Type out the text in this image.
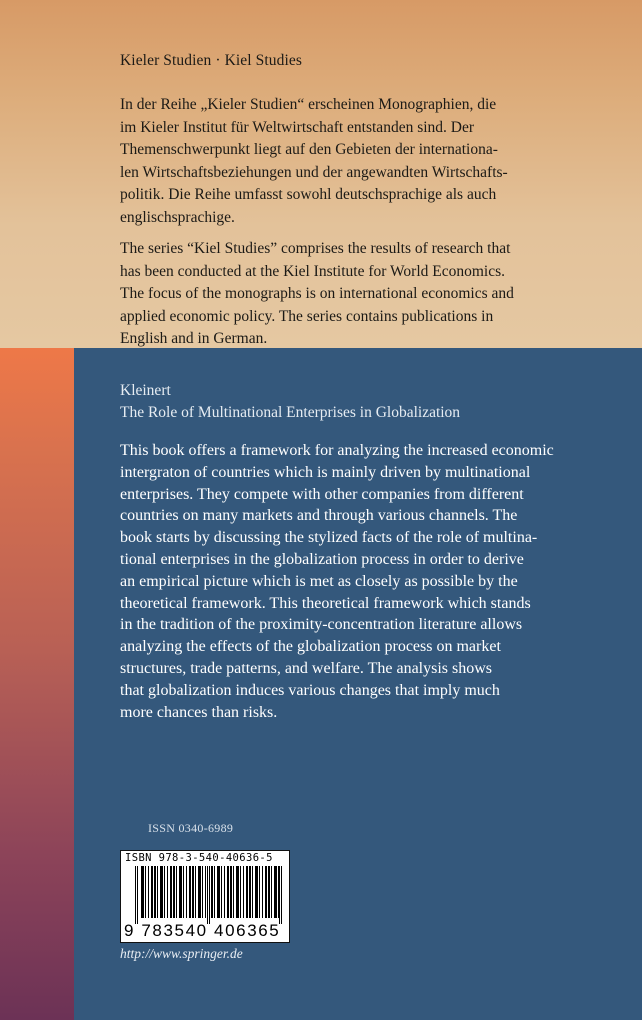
Kieler Studien · Kiel Studies
In der Reihe „Kieler Studien“ erscheinen Monographien, die
im Kieler Institut für Weltwirtschaft entstanden sind. Der
Themenschwerpunkt liegt auf den Gebieten der internationa-
len Wirtschaftsbeziehungen und der angewandten Wirtschafts-
politik. Die Reihe umfasst sowohl deutschsprachige als auch
englischsprachige.
The series “Kiel Studies” comprises the results of research that
has been conducted at the Kiel Institute for World Economics.
The focus of the monographs is on international economics and
applied economic policy. The series contains publications in
English and in German.
Kleinert
The Role of Multinational Enterprises in Globalization
This book offers a framework for analyzing the increased economic
intergraton of countries which is mainly driven by multinational
enterprises. They compete with other companies from different
countries on many markets and through various channels. The
book starts by discussing the stylized facts of the role of multina-
tional enterprises in the globalization process in order to derive
an empirical picture which is met as closely as possible by the
theoretical framework. This theoretical framework which stands
in the tradition of the proximity-concentration literature allows
analyzing the effects of the globalization process on market
structures, trade patterns, and welfare. The analysis shows
that globalization induces various changes that imply much
more chances than risks.
ISSN 0340-6989
ISBN 978-3-540-40636-5
9 783540 406365
http://www.springer.de
